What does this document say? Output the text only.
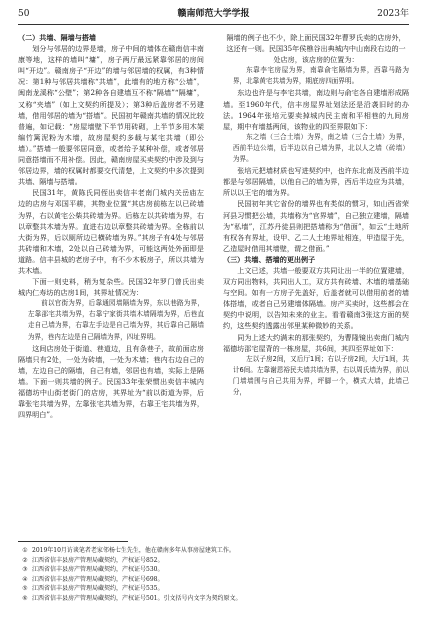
50	赣南师范大学学报	2023年

（二）共墙、隔墙与搭墙

划分与邻居的边界是墙，房子中间的墙体在赣南信丰南康等地，这样的墙叫“墉”，房子两厅最远紧靠邻居的房间叫“开边”。赣南房子“开边”的墙与邻居墙的权属，有3种情况：第1种与邻居共墙称“共墙”，此墙有的地方称“公墙”，闽南龙溪称“公壁”；第2种各自建墙互不称“隔墙”“隔墉”，又称“夹墙”（如上文契约所提及）；第3种后盖房者不另建墙，借用邻居的墙为“搭墙”。民国初年赣南共墙的情况比较普遍，如记载：“房屋墙壁下半节用砖砌，上半节多用木架编竹篱泥粉为木墙，故房屋契约多载与某宅共墙（即公墙）。”搭墙一般要邻居同意，或者给予某种补偿，或者邻居同意搭墙而不用补偿。因此，赣南房屋买卖契约中涉及到与邻居边界，墙的权属时都要交代清楚，上文契约中多次提到共墙、隔墙与搭墙。

民国31年，黄陈氏同侄出卖信丰老南门城内关岳庙左边的店房与邓国平耕，其物业位置“其店房前栋左以已砖墙为界，右以黄宅公柴共砖墙为界。后栋左以共砖墙为界，右以章整共木墙为界。直进右边以章整共砖墙为界。全栋前以大街为界，后以厕所边已横砖墙为界。”其房子有4处与邻居共砖墙和木墙，2处以自己砖墙为界，可能这两处外面即是道路。信丰县城的老房子中，有不少木板房子，所以共墙为共木墙。

下面一则史料，稍为复杂些。民国32年罗门曾氏出卖城内仁寿坊的店房1间，其界址情况为：

前以官街为界，后靠通园墙隔墙为界，东以巷路为界，左靠邵宅共墙为界，右靠宁家街共墙木墙隔墙为界，后巷直走自己墙为界，右靠左手边是自己墙为界，其后靠自己隔墙为界，巷内左边是自己隔墙为界，四址界明。

这间店房处于街道、巷道边，且有条巷子，故前面店房隔墙只有2处，一处为砖墙，一处为木墙；巷内右边自己的墙，左边自己的隔墙，自己有墙，邻居也有墙，实际上是隔墙。下面一则共墙的例子。民国33年张荣惯出卖信丰城内福德坊中山街老街门的店房，其界址为“前以街道为界，后靠张宅共墙为界，左靠张宅共墙为界，右靠王宅共墙为界，四界明白”。

隔墙的例子也不少，除上面民国32年曹罗氏卖的店房外，这还有一则。民国35年侯樵谷出典城内中山南段右边的一处店房，该店房的位置为：

东靠李宅房屋为界，南靠俞宅隔墙为界，西靠马路为界，北靠黄宅共墙为界，期底房四面界明。

东边也许是与李宅共墙，南边则与俞宅各自建墙形成隔墙。至1960年代，信丰房屋界址划法还是沿袭旧时的办法。1964年张培元要卖掉城内民主南和平相巷的九间房屋，期中有墙基两间，该物业的四至界限如下：

东之墙（三合土墙）为界，南之墙（三合土墙）为界，西前半边公墙，后半边以自己墙为界，北以人之墙（砖墙）为界。

张培元把墙材质也写进契约中，也许东北南及西前半边都是与邻居隔墙，以他自己的墙为界，西后半边应为共墙，所以以王宅的墙为界。

民国初年其它省份的墙界也有类似的惯习，如山西省荣河县习惯把公墙，共墙称为“官界墙”，自己独立建墙，隔墙为“私墙”，江苏丹徒县则把搭墙称为“借面”，如云“土地所有权各有界址，设甲、乙二人土地界址相连，甲造屋于先，乙造屋时借用其墙壁，谓之借面。”

（三）共墙、搭墙的更出例子

上文已述，共墙一般要双方共同让出一半的位置建墙，双方同出物料，共同出人工，双方共有砖墙、木墙的墙基础与空间。如有一方房子先盖好，后盖者就可以借用前者的墙体搭墙，或者自己另建墙体隔墙。房产买卖时，这些都会在契约中说明，以告知未来的业主。看看赣南3张这方面的契约，这些契约透露出邻里某种微妙的关系。

同为上述大约满末的那张契约，为曹隆镜出卖南门城内福德坊邵宅屋背的一栋房屋，共6间，其四至界址如下：

左以子房2间，又后厅1间；右以子房2间，大厅1间，共计6间。左靠谢恩裕民夫墙共墙为界，右以周氏墙为界，前以门墙墙围与自己共用为界，坪脚一个，横式大墙，此墙己分，

① 2019年10月访谈笔者老家邻杨七生先生，他在赣南多年从事房屋建筑工作。
② 江西省信丰县房产管理局藏契约，产权证号852。
③ 江西省信丰县房产管理局藏契约，产权证号530。
④ 江西省信丰县房产管理局藏契约，产权证号698。
⑤ 江西省信丰县房产管理局藏契约，产权证号535。
⑥ 江西省信丰县房产管理局藏契约，产权证号501。引文括号内文字为契约原文。
